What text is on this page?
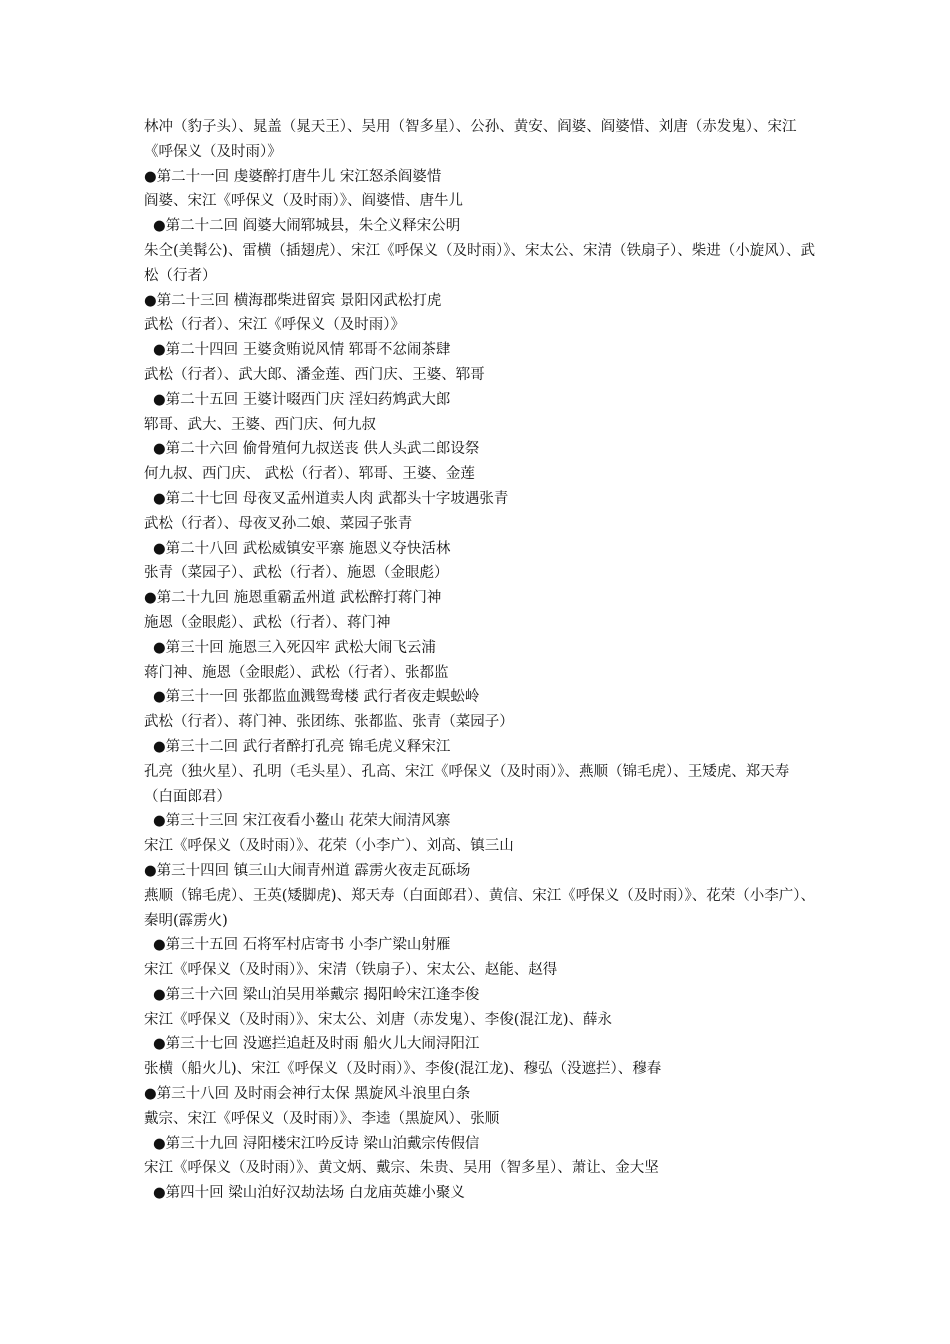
林冲（豹子头）、晁盖（晁天王）、吴用（智多星）、公孙、黄安、阎婆、阎婆惜、刘唐（赤发鬼）、宋江《呼保义（及时雨）》

●第二十一回 虔婆醉打唐牛儿 宋江怒杀阎婆惜

阎婆、宋江《呼保义（及时雨）》、阎婆惜、唐牛儿

●第二十二回 阎婆大闹郓城县，朱仝义释宋公明

朱仝(美髯公)、雷横（插翅虎）、宋江《呼保义（及时雨）》、宋太公、宋清（铁扇子）、柴进（小旋风）、武松（行者）

●第二十三回 横海郡柴进留宾 景阳冈武松打虎

武松（行者）、宋江《呼保义（及时雨）》

●第二十四回 王婆贪贿说风情 郓哥不忿闹茶肆

武松（行者）、武大郎、潘金莲、西门庆、王婆、郓哥

●第二十五回 王婆计啜西门庆 淫妇药鸩武大郎

郓哥、武大、王婆、西门庆、何九叔

●第二十六回 偷骨殖何九叔送丧 供人头武二郎设祭

何九叔、西门庆、 武松（行者）、郓哥、王婆、金莲

●第二十七回 母夜叉孟州道卖人肉 武都头十字坡遇张青

武松（行者）、母夜叉孙二娘、菜园子张青

●第二十八回 武松威镇安平寨 施恩义夺快活林

张青（菜园子）、武松（行者）、施恩（金眼彪）

●第二十九回 施恩重霸孟州道 武松醉打蒋门神

施恩（金眼彪）、武松（行者）、蒋门神

●第三十回 施恩三入死囚牢 武松大闹飞云浦

蒋门神、施恩（金眼彪）、武松（行者）、张都监

●第三十一回 张都监血溅鸳鸯楼 武行者夜走蜈蚣岭

武松（行者）、蒋门神、张团练、张都监、张青（菜园子）

●第三十二回 武行者醉打孔亮 锦毛虎义释宋江

孔亮（独火星）、孔明（毛头星）、孔高、宋江《呼保义（及时雨）》、燕顺（锦毛虎）、王矮虎、郑天寿（白面郎君）

●第三十三回 宋江夜看小鳌山 花荣大闹清风寨

宋江《呼保义（及时雨）》、花荣（小李广）、刘高、镇三山

●第三十四回 镇三山大闹青州道 霹雳火夜走瓦砾场

燕顺（锦毛虎）、王英(矮脚虎)、郑天寿（白面郎君）、黄信、宋江《呼保义（及时雨）》、花荣（小李广）、秦明(霹雳火)

●第三十五回 石将军村店寄书 小李广梁山射雁

宋江《呼保义（及时雨）》、宋清（铁扇子）、宋太公、赵能、赵得

●第三十六回 梁山泊吴用举戴宗 揭阳岭宋江逢李俊

宋江《呼保义（及时雨）》、宋太公、刘唐（赤发鬼）、李俊(混江龙)、薛永

●第三十七回 没遮拦追赶及时雨 船火儿大闹浔阳江

张横（船火儿)、宋江《呼保义（及时雨）》、李俊(混江龙)、穆弘（没遮拦）、穆春

●第三十八回 及时雨会神行太保 黑旋风斗浪里白条

戴宗、宋江《呼保义（及时雨）》、李逵（黑旋风）、张顺

●第三十九回 浔阳楼宋江吟反诗 梁山泊戴宗传假信

宋江《呼保义（及时雨）》、黄文炳、戴宗、朱贵、吴用（智多星）、萧让、金大坚

●第四十回 梁山泊好汉劫法场 白龙庙英雄小聚义
